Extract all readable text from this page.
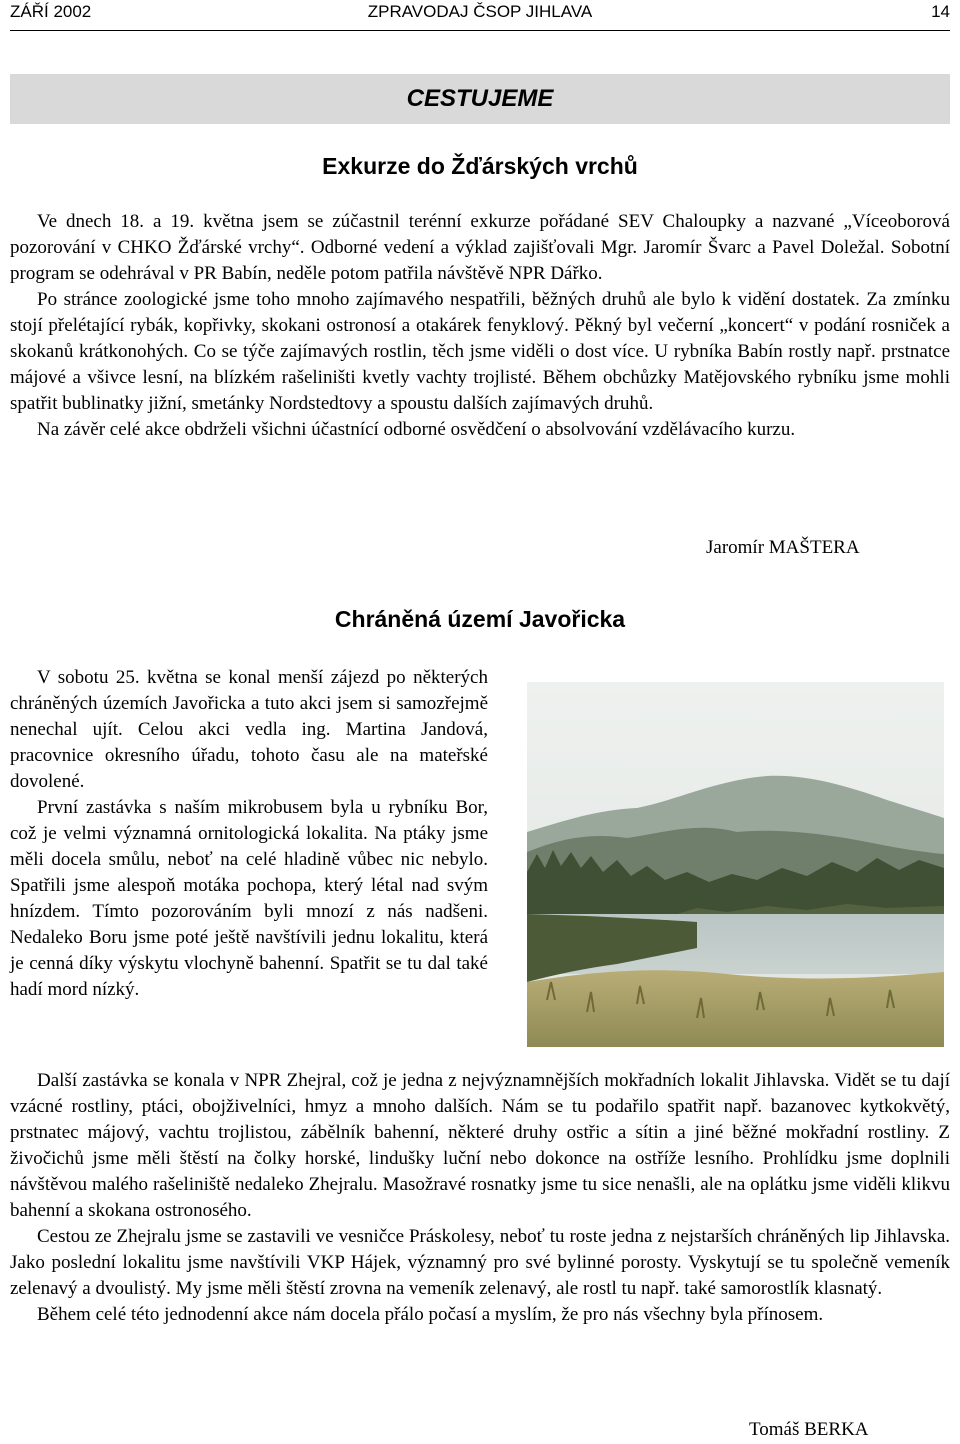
ZÁŘÍ 2002	ZPRAVODAJ ČSOP JIHLAVA	14
CESTUJEME
Exkurze do Žďárských vrchů

Ve dnech 18. a 19. května jsem se zúčastnil terénní exkurze pořádané SEV Chaloupky a nazvané „Víceoborová pozorování v CHKO Žďárské vrchy“. Odborné vedení a výklad zajišťovali Mgr. Jaromír Švarc a Pavel Doležal. Sobotní program se odehrával v PR Babín, neděle potom patřila návštěvě NPR Dářko.

Po stránce zoologické jsme toho mnoho zajímavého nespatřili, běžných druhů ale bylo k vidění dostatek. Za zmínku stojí přelétající rybák, kopřivky, skokani ostronosí a otakárek fenyklový. Pěkný byl večerní „koncert“ v podání rosniček a skokanů krátkonohých. Co se týče zajímavých rostlin, těch jsme viděli o dost více. U rybníka Babín rostly např. prstnatce májové a všivce lesní, na blízkém rašeliništi kvetly vachty trojlisté. Během obchůzky Matějovského rybníku jsme mohli spatřit bublinatky jižní, smetánky Nordstedtovy a spoustu dalších zajímavých druhů.

Na závěr celé akce obdrželi všichni účastnící odborné osvědčení o absolvování vzdělávacího kurzu.

Jaromír MAŠTERA
Chráněná území Javořicka

V sobotu 25. května se konal menší zájezd po některých chráněných územích Javořicka a tuto akci jsem si samozřejmě nenechal ujít. Celou akci vedla ing. Martina Jandová, pracovnice okresního úřadu, tohoto času ale na mateřské dovolené.

První zastávka s naším mikrobusem byla u rybníku Bor, což je velmi významná ornitologická lokalita. Na ptáky jsme měli docela smůlu, neboť na celé hladině vůbec nic nebylo. Spatřili jsme alespoň motáka pochopa, který létal nad svým hnízdem. Tímto pozorováním byli mnozí z nás nadšeni. Nedaleko Boru jsme poté ještě navštívili jednu lokalitu, která je cenná díky výskytu vlochyně bahenní. Spatřit se tu dal také hadí mord nízký.

Další zastávka se konala v NPR Zhejral, což je jedna z nejvýznamnějších mokřadních lokalit Jihlavska. Vidět se tu dají vzácné rostliny, ptáci, obojživelníci, hmyz a mnoho dalších. Nám se tu podařilo spatřit např. bazanovec kytkokvětý, prstnatec májový, vachtu trojlistou, zábělník bahenní, některé druhy ostřic a sítin a jiné běžné mokřadní rostliny. Z živočichů jsme měli štěstí na čolky horské, lindušky luční nebo dokonce na ostříže lesního. Prohlídku jsme doplnili návštěvou malého rašeliniště nedaleko Zhejralu. Masožravé rosnatky jsme tu sice nenašli, ale na oplátku jsme viděli klikvu bahenní a skokana ostronosého.

Cestou ze Zhejralu jsme se zastavili ve vesničce Práskolesy, neboť tu roste jedna z nejstarších chráněných lip Jihlavska. Jako poslední lokalitu jsme navštívili VKP Hájek, významný pro své bylinné porosty. Vyskytují se tu společně vemeník zelenavý a dvoulistý. My jsme měli štěstí zrovna na vemeník zelenavý, ale rostl tu např. také samorostlík klasnatý.

Během celé této jednodenní akce nám docela přálo počasí a myslím, že pro nás všechny byla přínosem.

Tomáš BERKA
